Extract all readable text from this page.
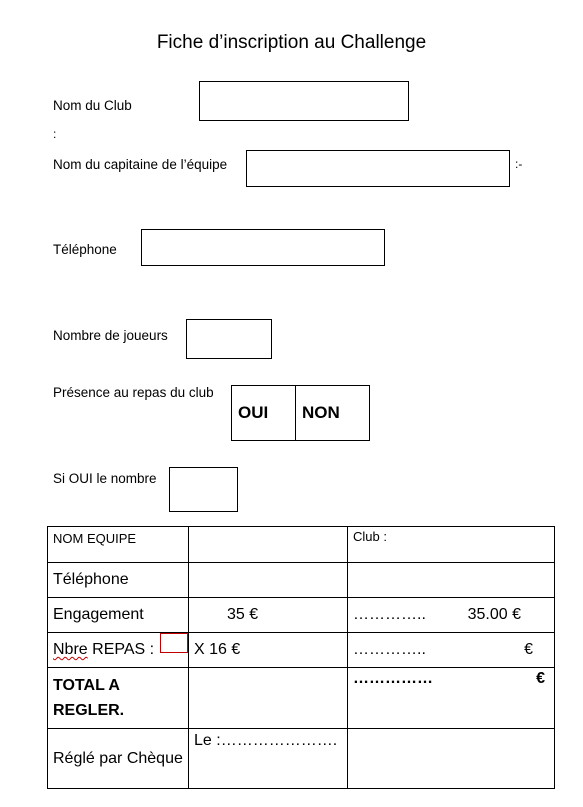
Fiche d’inscription au Challenge
Nom du Club
:
Nom du capitaine de l’équipe	:-
Téléphone
Nombre de joueurs
Présence au repas du club
OUI	NON
Si OUI le nombre
NOM EQUIPE		Club :
Téléphone		
Engagement	35 €	………….. 35.00 €

Nbre REPAS :	X 16 €	………….. €

TOTAL A REGLER.		…………… €

Réglé par Chèque	Le :………………….	
